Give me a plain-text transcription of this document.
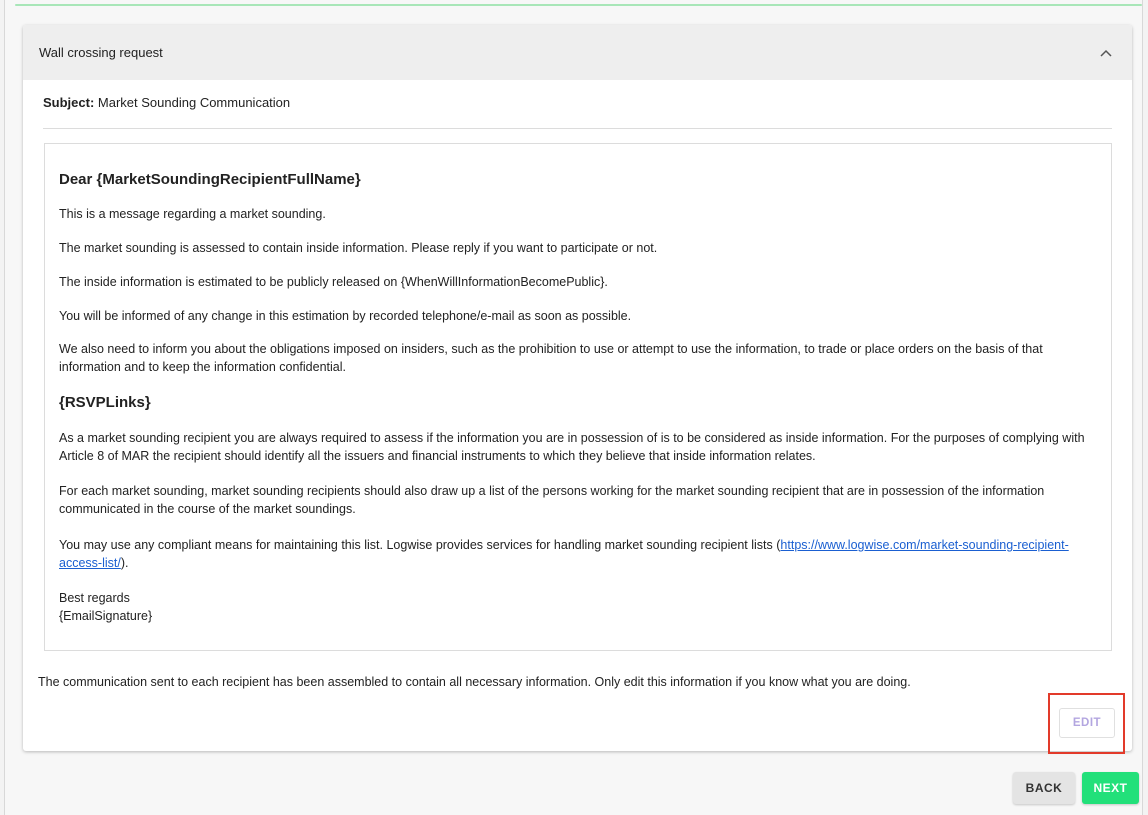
Wall crossing request
Subject: Market Sounding Communication
Dear {MarketSoundingRecipientFullName}

This is a message regarding a market sounding.

The market sounding is assessed to contain inside information. Please reply if you want to participate or not.

The inside information is estimated to be publicly released on {WhenWillInformationBecomePublic}.

You will be informed of any change in this estimation by recorded telephone/e-mail as soon as possible.

We also need to inform you about the obligations imposed on insiders, such as the prohibition to use or attempt to use the information, to trade or place orders on the basis of that information and to keep the information confidential.

{RSVPLinks}

As a market sounding recipient you are always required to assess if the information you are in possession of is to be considered as inside information. For the purposes of complying with Article 8 of MAR the recipient should identify all the issuers and financial instruments to which they believe that inside information relates.

For each market sounding, market sounding recipients should also draw up a list of the persons working for the market sounding recipient that are in possession of the information communicated in the course of the market soundings.

You may use any compliant means for maintaining this list. Logwise provides services for handling market sounding recipient lists (https://www.logwise.com/market-sounding-recipient-access-list/).

Best regards

{EmailSignature}

The communication sent to each recipient has been assembled to contain all necessary information. Only edit this information if you know what you are doing.
EDIT
BACK	NEXT
